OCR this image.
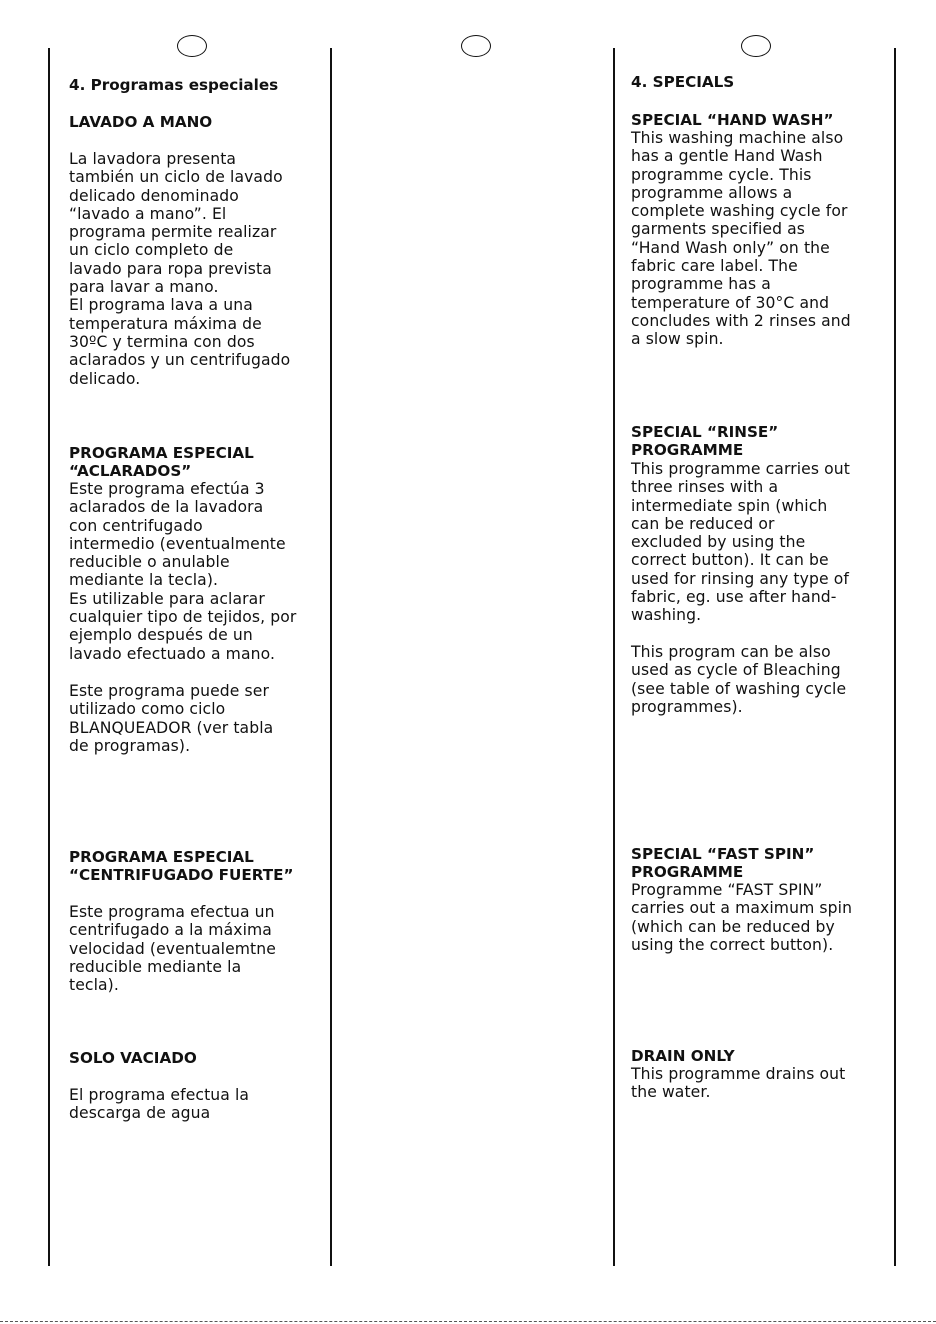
4. Programas especiales
LAVADO A MANO

La lavadora presenta

también un ciclo de lavado

delicado denominado

“lavado a mano”. El

programa permite realizar

un ciclo completo de

lavado para ropa prevista

para lavar a mano.

El programa lava a una

temperatura máxima de

30ºC y termina con dos

aclarados y un centrifugado

delicado.

PROGRAMA ESPECIAL

“ACLARADOS”

Este programa efectúa 3

aclarados de la lavadora

con centrifugado

intermedio (eventualmente

reducible o anulable

mediante la tecla).

Es utilizable para aclarar

cualquier tipo de tejidos, por

ejemplo después de un

lavado efectuado a mano.

Este programa puede ser

utilizado como ciclo

BLANQUEADOR (ver tabla

de programas).

PROGRAMA ESPECIAL

“CENTRIFUGADO FUERTE”

Este programa efectua un

centrifugado a la máxima

velocidad (eventualemtne

reducible mediante la

tecla).

SOLO VACIADO

El programa efectua la

descarga de agua

4. SPECIALS
SPECIAL “HAND WASH”

This washing machine also

has a gentle Hand Wash

programme cycle. This

programme allows a

complete washing cycle for

garments specified as

“Hand Wash only” on the

fabric care label. The

programme has a

temperature of 30°C and

concludes with 2 rinses and

a slow spin.

SPECIAL “RINSE”

PROGRAMME

This programme carries out

three rinses with a

intermediate spin (which

can be reduced or

excluded by using the

correct button). It can be

used for rinsing any type of

fabric, eg. use after hand-

washing.

This program can be also

used as cycle of Bleaching

(see table of washing cycle

programmes).

SPECIAL “FAST SPIN”

PROGRAMME

Programme “FAST SPIN”

carries out a maximum spin

(which can be reduced by

using the correct button).

DRAIN ONLY

This programme drains out

the water.
